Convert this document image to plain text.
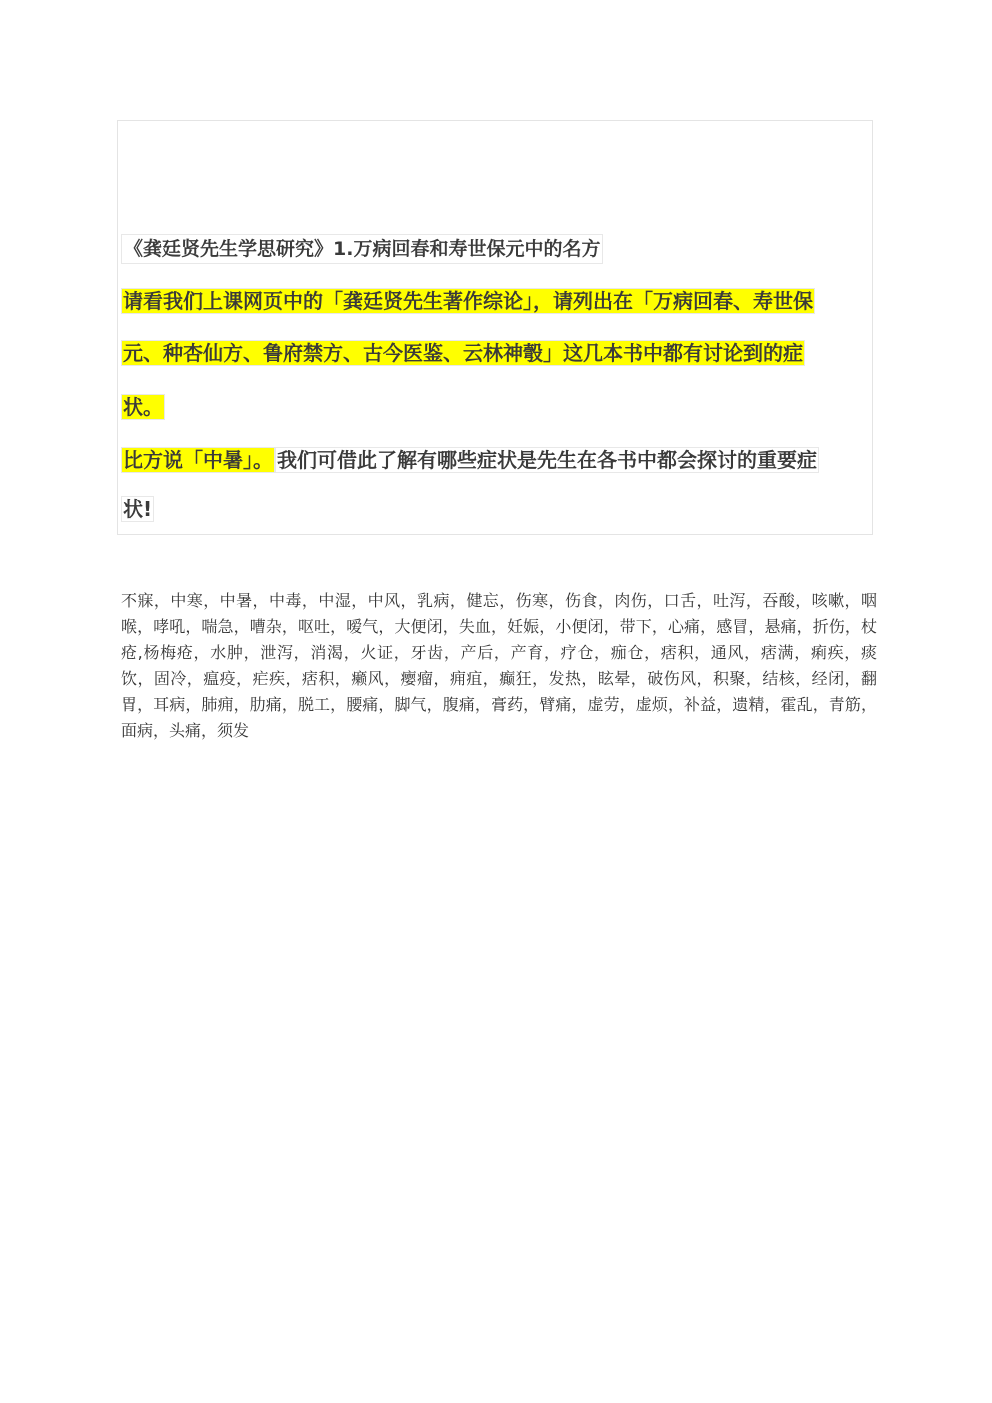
《龚廷贤先生学思研究》1.万病回春和寿世保元中的名方
请看我们上课网页中的「龚廷贤先生著作综论」，请列出在「万病回春、寿世保
元、种杏仙方、鲁府禁方、古今医鉴、云林神彀」这几本书中都有讨论到的症
状。
比方说「中暑」。 我们可借此了解有哪些症状是先生在各书中都会探讨的重要症
状!
不寐，中寒，中暑，中毒，中湿，中风，乳病，健忘，伤寒，伤食，肉伤，口舌，吐泻，吞酸，咳嗽，咽喉，哮吼，喘急，嘈杂，呕吐，嗳气，大便闭，失血，妊娠，小便闭，带下，心痛，感冒，悬痛，折伤，杖疮,杨梅疮，水肿，泄泻，消渴，火证，牙齿，产后，产育，疗仓，痂仓，痞积，通风，痞满，痢疾，痰饮，固冷，瘟疫，疟疾，痞积，癞风，瘿瘤，痈疽，癫狂，发热，眩晕，破伤风，积聚，结核，经闭，翻胃，耳病，肺痈，肋痛，脱工，腰痛，脚气，腹痛，膏药，臂痛，虚劳，虚烦，补益，遗精，霍乱，青筋，面病，头痛，须发
